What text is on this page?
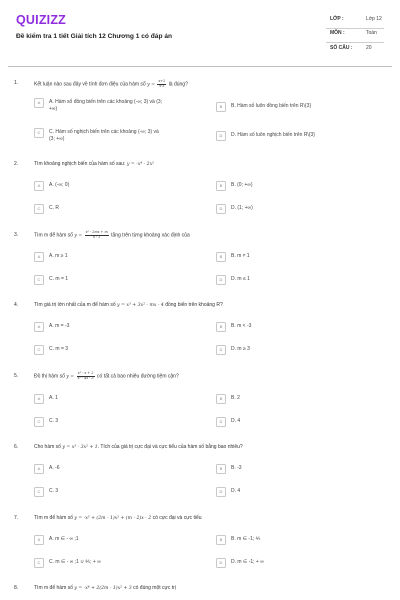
QUIZIZZ
Đề kiểm tra 1 tiết Giải tích 12 Chương 1 có đáp án
LỚP :	Lớp 12
MÔN :	Toán
SỐ CÂU :	20
1.	Kết luận nào sau đây về tính đơn điệu của hàm số $y = \frac{x+2}{x-3}$ là đúng?
A	A. Hàm số đồng biến trên các khoảng (-∞; 3) và (3;
+∞)	B	B. Hàm số luôn đồng biến trên R\{3}
C	C. Hàm số nghịch biến trên các khoảng (-∞; 3) và
(3; +∞)
D	D. Hàm số luôn nghịch biến trên R\{3}
2.	Tìm khoảng nghịch biến của hàm số sau: y = -x⁴ - 2x²
A	A. (-∞; 0)	B	B. (0; +∞)
C	C. R	D	D. (1; +∞)
3.	Tìm m để hàm số $y = \frac{\text{x² - 2mx + m}}{x - 1}$ tăng trên từng khoảng xác định của
A	A. m ≥ 1	B	B. m ≠ 1
C	C. m = 1	D	D. m ≤ 1
4.	Tìm giá trị lớn nhất của m để hàm số y = x³ + 3x² - mx - 4 đồng biến trên khoảng R?
A	A. m = -3	B	B. m < -3
C	C. m = 3	D	D. m ≥ 3
5.	Đồ thị hàm số $y = \frac{\text{x² - x + 2}}{\text{x² - 4x - 3}}$ có tất cả bao nhiêu đường tiệm cận?
A	A. 1	B	B. 2
C	C. 3	D	D. 4
6.	Cho hàm số y = x³ - 3x² + 1. Tích của giá trị cực đại và cực tiểu của hàm số bằng bao nhiêu?
A	A. -6	B	B. -3
C	C. 3	D	D. 4
7.	Tìm m để hàm số y = -x³ + (2m - 1)x² + (m - 2)x - 2 có cực đại và cực tiểu
A	A. m ∈ - ∞ ;1	B	B. m ∈ -1; ⅘
C	C. m ∈ - ∞ ;1 ∪ ⅘; + ∞	D	D. m ∈ -1; + ∞
8.	Tìm m để hàm số y = -x⁴ + 2(2m - 1)x² + 3 có đúng một cực trị
